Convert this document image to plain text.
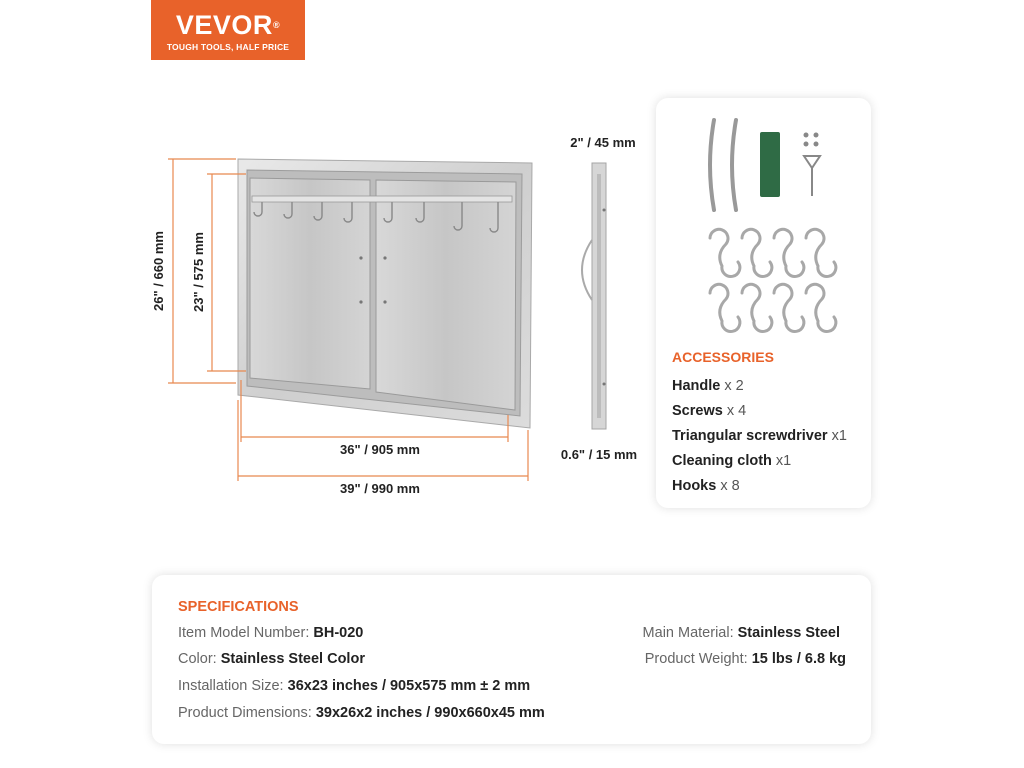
VEVOR®
TOUGH TOOLS, HALF PRICE
26" / 660 mm 23" / 575 mm
36" / 905 mm
39" / 990 mm
2" / 45 mm
0.6" / 15 mm
ACCESSORIES
Handle x 2
Screws x 4
Triangular screwdriver x1
Cleaning cloth x1
Hooks x 8
SPECIFICATIONS
Item Model Number: BH-020
Color: Stainless Steel Color
Installation Size: 36x23 inches / 905x575 mm ± 2 mm
Product Dimensions: 39x26x2 inches / 990x660x45 mm
Main Material: Stainless Steel
Product Weight: 15 lbs / 6.8 kg
